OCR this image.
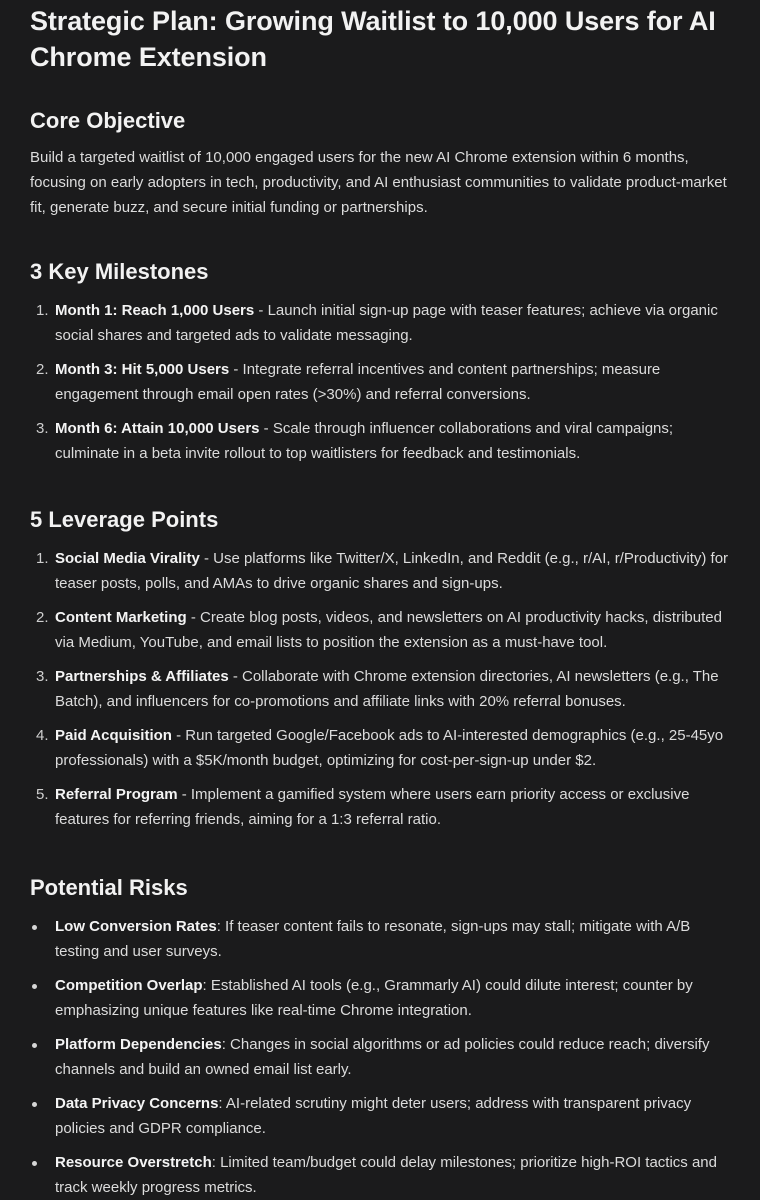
Strategic Plan: Growing Waitlist to 10,000 Users for AI Chrome Extension
Core Objective

Build a targeted waitlist of 10,000 engaged users for the new AI Chrome extension within 6 months, focusing on early adopters in tech, productivity, and AI enthusiast communities to validate product-market fit, generate buzz, and secure initial funding or partnerships.

3 Key Milestones
1. Month 1: Reach 1,000 Users - Launch initial sign-up page with teaser features; achieve via organic social shares and targeted ads to validate messaging.
2. Month 3: Hit 5,000 Users - Integrate referral incentives and content partnerships; measure engagement through email open rates (>30%) and referral conversions.
3. Month 6: Attain 10,000 Users - Scale through influencer collaborations and viral campaigns; culminate in a beta invite rollout to top waitlisters for feedback and testimonials.
5 Leverage Points
1. Social Media Virality - Use platforms like Twitter/X, LinkedIn, and Reddit (e.g., r/AI, r/Productivity) for teaser posts, polls, and AMAs to drive organic shares and sign-ups.
2. Content Marketing - Create blog posts, videos, and newsletters on AI productivity hacks, distributed via Medium, YouTube, and email lists to position the extension as a must-have tool.
3. Partnerships & Affiliates - Collaborate with Chrome extension directories, AI newsletters (e.g., The Batch), and influencers for co-promotions and affiliate links with 20% referral bonuses.
4. Paid Acquisition - Run targeted Google/Facebook ads to AI-interested demographics (e.g., 25-45yo professionals) with a $5K/month budget, optimizing for cost-per-sign-up under $2.
5. Referral Program - Implement a gamified system where users earn priority access or exclusive features for referring friends, aiming for a 1:3 referral ratio.
Potential Risks
Low Conversion Rates: If teaser content fails to resonate, sign-ups may stall; mitigate with A/B testing and user surveys.
Competition Overlap: Established AI tools (e.g., Grammarly AI) could dilute interest; counter by emphasizing unique features like real-time Chrome integration.
Platform Dependencies: Changes in social algorithms or ad policies could reduce reach; diversify channels and build an owned email list early.
Data Privacy Concerns: AI-related scrutiny might deter users; address with transparent privacy policies and GDPR compliance.
Resource Overstretch: Limited team/budget could delay milestones; prioritize high-ROI tactics and track weekly progress metrics.
